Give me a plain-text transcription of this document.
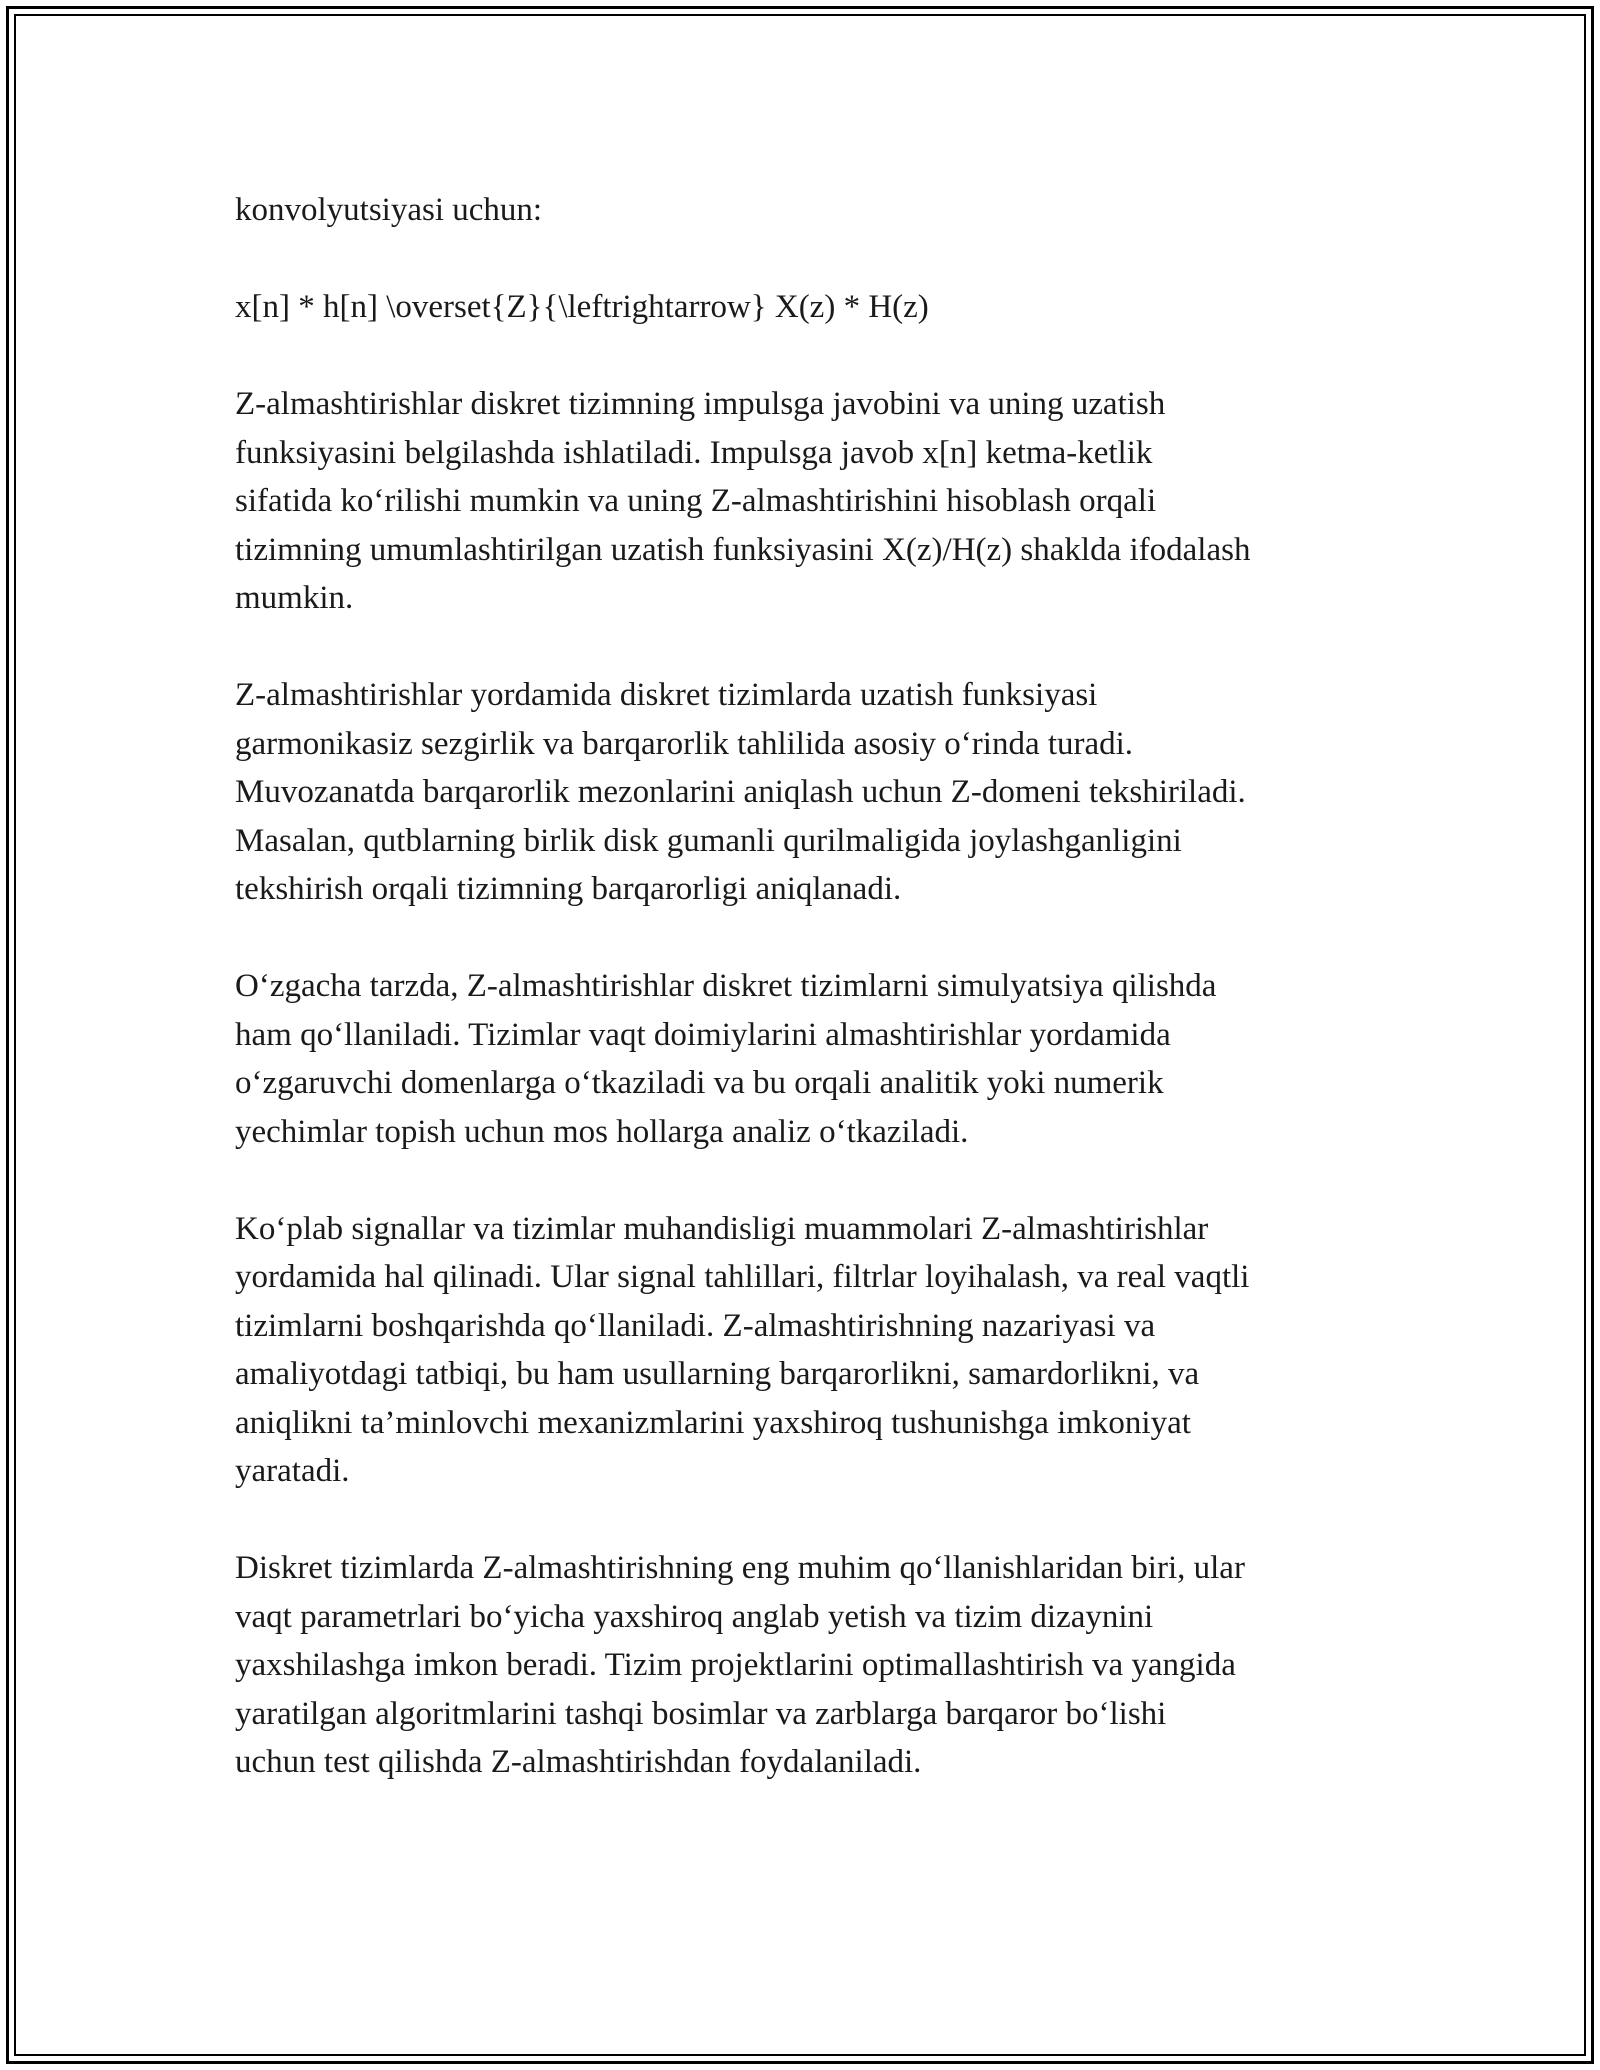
konvolyutsiyasi uchun:

x[n] * h[n] \overset{Z}{\leftrightarrow} X(z) * H(z)

Z-almashtirishlar diskret tizimning impulsga javobini va uning uzatish
funksiyasini belgilashda ishlatiladi. Impulsga javob x[n] ketma-ketlik
sifatida ko‘rilishi mumkin va uning Z-almashtirishini hisoblash orqali
tizimning umumlashtirilgan uzatish funksiyasini X(z)/H(z) shaklda ifodalash
mumkin.

Z-almashtirishlar yordamida diskret tizimlarda uzatish funksiyasi
garmonikasiz sezgirlik va barqarorlik tahlilida asosiy o‘rinda turadi.
Muvozanatda barqarorlik mezonlarini aniqlash uchun Z-domeni tekshiriladi.
Masalan, qutblarning birlik disk gumanli qurilmaligida joylashganligini
tekshirish orqali tizimning barqarorligi aniqlanadi.

O‘zgacha tarzda, Z-almashtirishlar diskret tizimlarni simulyatsiya qilishda
ham qo‘llaniladi. Tizimlar vaqt doimiylarini almashtirishlar yordamida
o‘zgaruvchi domenlarga o‘tkaziladi va bu orqali analitik yoki numerik
yechimlar topish uchun mos hollarga analiz o‘tkaziladi.

Ko‘plab signallar va tizimlar muhandisligi muammolari Z-almashtirishlar
yordamida hal qilinadi. Ular signal tahlillari, filtrlar loyihalash, va real vaqtli
tizimlarni boshqarishda qo‘llaniladi. Z-almashtirishning nazariyasi va
amaliyotdagi tatbiqi, bu ham usullarning barqarorlikni, samardorlikni, va
aniqlikni ta’minlovchi mexanizmlarini yaxshiroq tushunishga imkoniyat
yaratadi.

Diskret tizimlarda Z-almashtirishning eng muhim qo‘llanishlaridan biri, ular
vaqt parametrlari bo‘yicha yaxshiroq anglab yetish va tizim dizaynini
yaxshilashga imkon beradi. Tizim projektlarini optimallashtirish va yangida
yaratilgan algoritmlarini tashqi bosimlar va zarblarga barqaror bo‘lishi
uchun test qilishda Z-almashtirishdan foydalaniladi.
